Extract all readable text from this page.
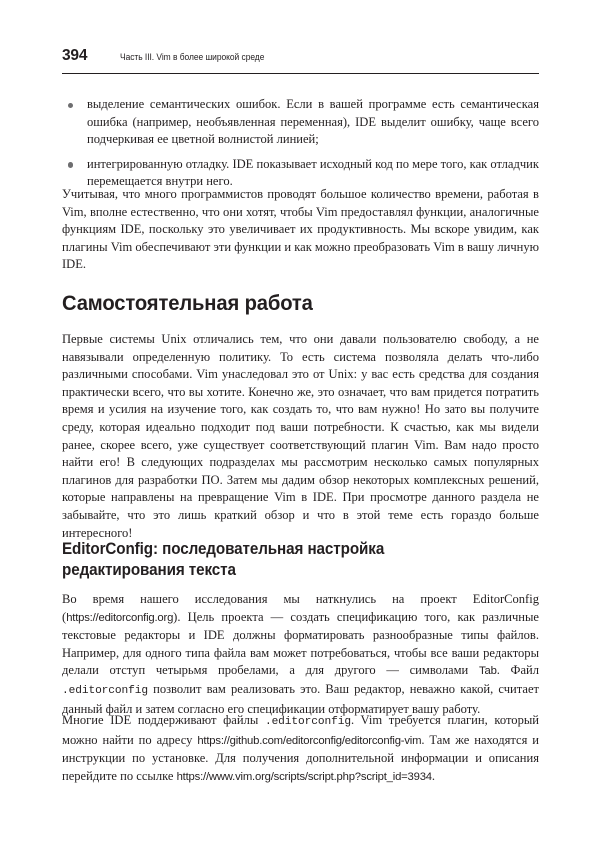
394	Часть III. Vim в более широкой среде
выделение семантических ошибок. Если в вашей программе есть семантическая ошибка (например, необъявленная переменная), IDE выделит ошибку, чаще всего подчеркивая ее цветной волнистой линией;
интегрированную отладку. IDE показывает исходный код по мере того, как отладчик перемещается внутри него.

Учитывая, что много программистов проводят большое количество времени, работая в Vim, вполне естественно, что они хотят, чтобы Vim предоставлял функции, аналогичные функциям IDE, поскольку это увеличивает их продуктивность. Мы вскоре увидим, как плагины Vim обеспечивают эти функции и как можно преобразовать Vim в вашу личную IDE.

Самостоятельная работа

Первые системы Unix отличались тем, что они давали пользователю свободу, а не навязывали определенную политику. То есть система позволяла делать что-либо различными способами. Vim унаследовал это от Unix: у вас есть средства для создания практически всего, что вы хотите. Конечно же, это означает, что вам придется потратить время и усилия на изучение того, как создать то, что вам нужно! Но зато вы получите среду, которая идеально подходит под ваши потребности. К счастью, как мы видели ранее, скорее всего, уже существует соответствующий плагин Vim. Вам надо просто найти его! В следующих подразделах мы рассмотрим несколько самых популярных плагинов для разработки ПО. Затем мы дадим обзор некоторых комплексных решений, которые направлены на превращение Vim в IDE. При просмотре данного раздела не забывайте, что это лишь краткий обзор и что в этой теме есть гораздо больше интересного!

EditorConfig: последовательная настройка
редактирования текста

Во время нашего исследования мы наткнулись на проект EditorConfig (https://editorconfig.org). Цель проекта — создать спецификацию того, как различные текстовые редакторы и IDE должны форматировать разнообразные типы файлов. Например, для одного типа файла вам может потребоваться, чтобы все ваши редакторы делали отступ четырьмя пробелами, а для другого — символами Tab. Файл .editorconfig позволит вам реализовать это. Ваш редактор, неважно какой, считает данный файл и затем согласно его спецификации отформатирует вашу работу.

Многие IDE поддерживают файлы .editorconfig. Vim требуется плагин, который можно найти по адресу https://github.com/editorconfig/editorconfig-vim. Там же находятся и инструкции по установке. Для получения дополнительной информации и описания перейдите по ссылке https://www.vim.org/scripts/script.php?script_id=3934.
